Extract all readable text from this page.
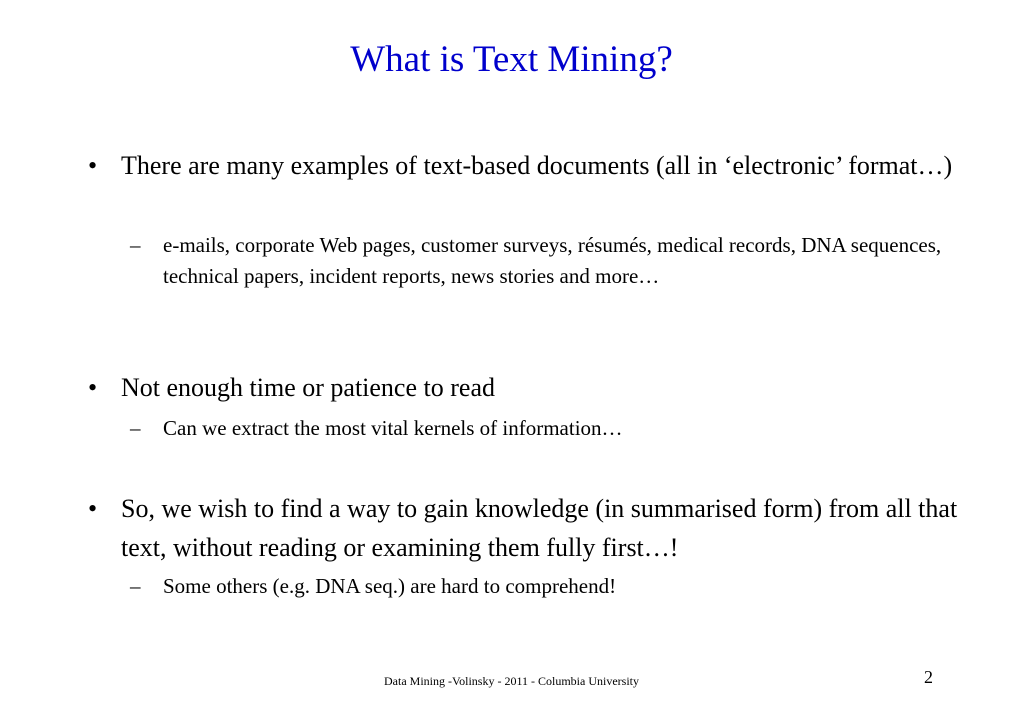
What is Text Mining?
• There are many examples of text-based documents (all in ‘electronic’ format…)
– e-mails, corporate Web pages, customer surveys, résumés, medical records, DNA sequences, technical papers, incident reports, news stories and more…
• Not enough time or patience to read
– Can we extract the most vital kernels of information…
• So, we wish to find a way to gain knowledge (in summarised form) from all that text, without reading or examining them fully first…!
– Some others (e.g. DNA seq.) are hard to comprehend!
Data Mining -Volinsky - 2011 - Columbia University	2
